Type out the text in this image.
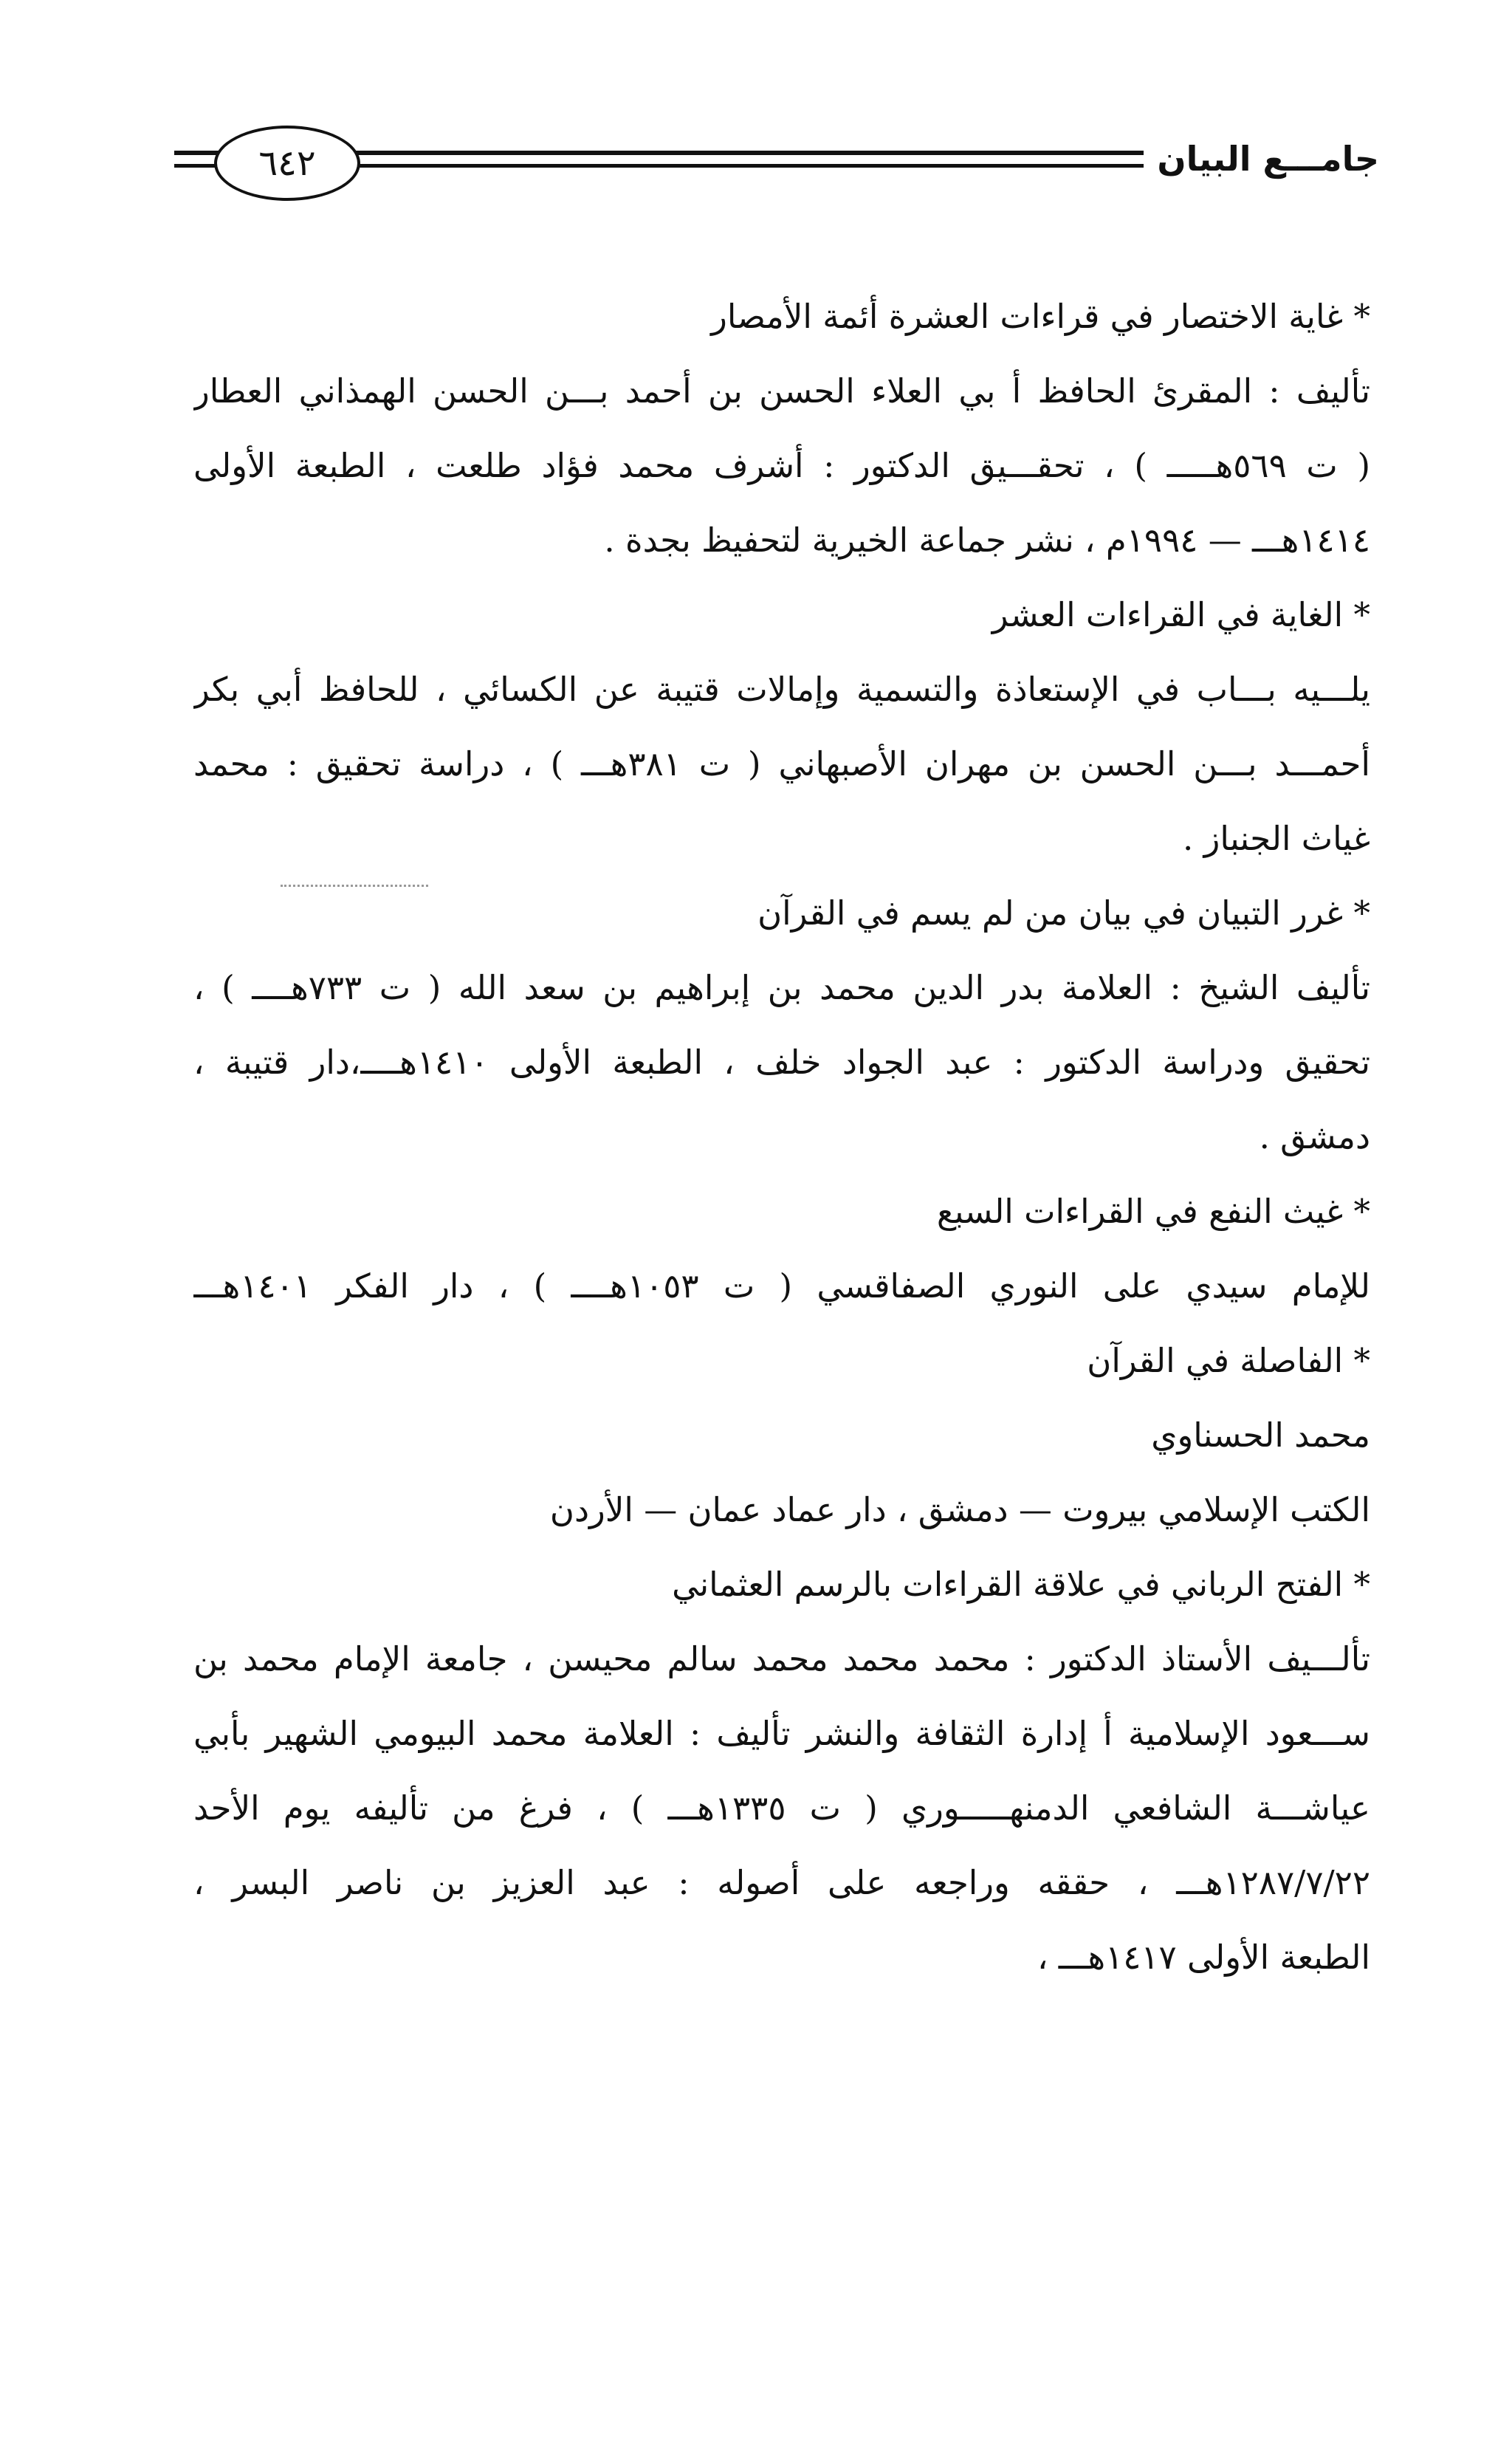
٦٤٢	جامـــع البيان
* غاية الاختصار في قراءات العشرة أئمة الأمصار
تأليف : المقرئ الحافظ أ بي العلاء الحسن بن أحمد بـــن الحسن الهمذاني العطار
( ت ٥٦٩هـــــ ) ، تحقـــيق الدكتور : أشرف محمد فؤاد طلعت ، الطبعة الأولى
١٤١٤هـــ — ١٩٩٤م ، نشر جماعة الخيرية لتحفيظ بجدة .
* الغاية في القراءات العشر
يلـــيه بـــاب في الإستعاذة والتسمية وإمالات قتيبة عن الكسائي ، للحافظ أبي بكر
أحمـــد بـــن الحسن بن مهران الأصبهاني ( ت ٣٨١هـــ ) ، دراسة تحقيق : محمد
غياث الجنباز .
* غرر التبيان في بيان من لم يسم في القرآن
تأليف الشيخ : العلامة بدر الدين محمد بن إبراهيم بن سعد الله ( ت ٧٣٣هــــ ) ،
تحقيق ودراسة الدكتور : عبد الجواد خلف ، الطبعة الأولى ١٤١٠هــــ،دار قتيبة ،
دمشق .
* غيث النفع في القراءات السبع
للإمام سيدي على النوري الصفاقسي ( ت ١٠٥٣هــــ ) ، دار الفكر ١٤٠١هـــ
* الفاصلة في القرآن
محمد الحسناوي
الكتب الإسلامي بيروت — دمشق ، دار عماد عمان — الأردن
* الفتح الرباني في علاقة القراءات بالرسم العثماني
تألـــيف الأستاذ الدكتور : محمد محمد محمد سالم محيسن ، جامعة الإمام محمد بن
ســـعود الإسلامية أ إدارة الثقافة والنشر تأليف : العلامة محمد البيومي الشهير بأبي
عياشـــة الشافعي الدمنهـــــوري ( ت ١٣٣٥هـــ ) ، فرغ من تأليفه يوم الأحد
١٢٨٧/٧/٢٢هـــ ، حققه وراجعه على أصوله : عبد العزيز بن ناصر البسر ،
الطبعة الأولى ١٤١٧هـــ ،
